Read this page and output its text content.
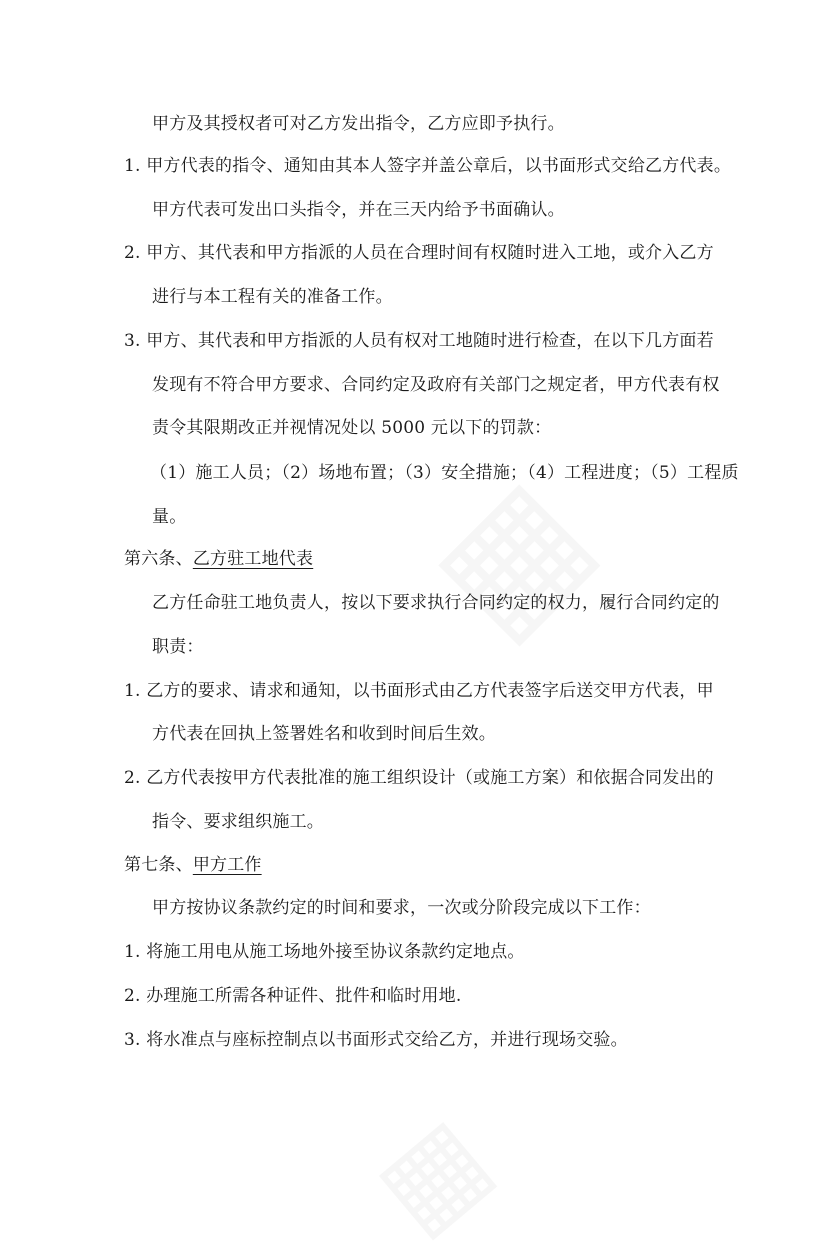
甲方及其授权者可对乙方发出指令，乙方应即予执行。
1. 甲方代表的指令、通知由其本人签字并盖公章后，以书面形式交给乙方代表。
甲方代表可发出口头指令，并在三天内给予书面确认。
2. 甲方、其代表和甲方指派的人员在合理时间有权随时进入工地，或介入乙方
进行与本工程有关的准备工作。
3. 甲方、其代表和甲方指派的人员有权对工地随时进行检查，在以下几方面若
发现有不符合甲方要求、合同约定及政府有关部门之规定者，甲方代表有权
责令其限期改正并视情况处以 5000 元以下的罚款：
（1）施工人员；（2）场地布置；（3）安全措施；（4）工程进度；（5）工程质
量。
第六条、乙方驻工地代表
乙方任命驻工地负责人，按以下要求执行合同约定的权力，履行合同约定的
职责：
1. 乙方的要求、请求和通知，以书面形式由乙方代表签字后送交甲方代表，甲
方代表在回执上签署姓名和收到时间后生效。
2. 乙方代表按甲方代表批准的施工组织设计（或施工方案）和依据合同发出的
指令、要求组织施工。
第七条、甲方工作
甲方按协议条款约定的时间和要求，一次或分阶段完成以下工作：
1. 将施工用电从施工场地外接至协议条款约定地点。
2. 办理施工所需各种证件、批件和临时用地.
3. 将水准点与座标控制点以书面形式交给乙方，并进行现场交验。
